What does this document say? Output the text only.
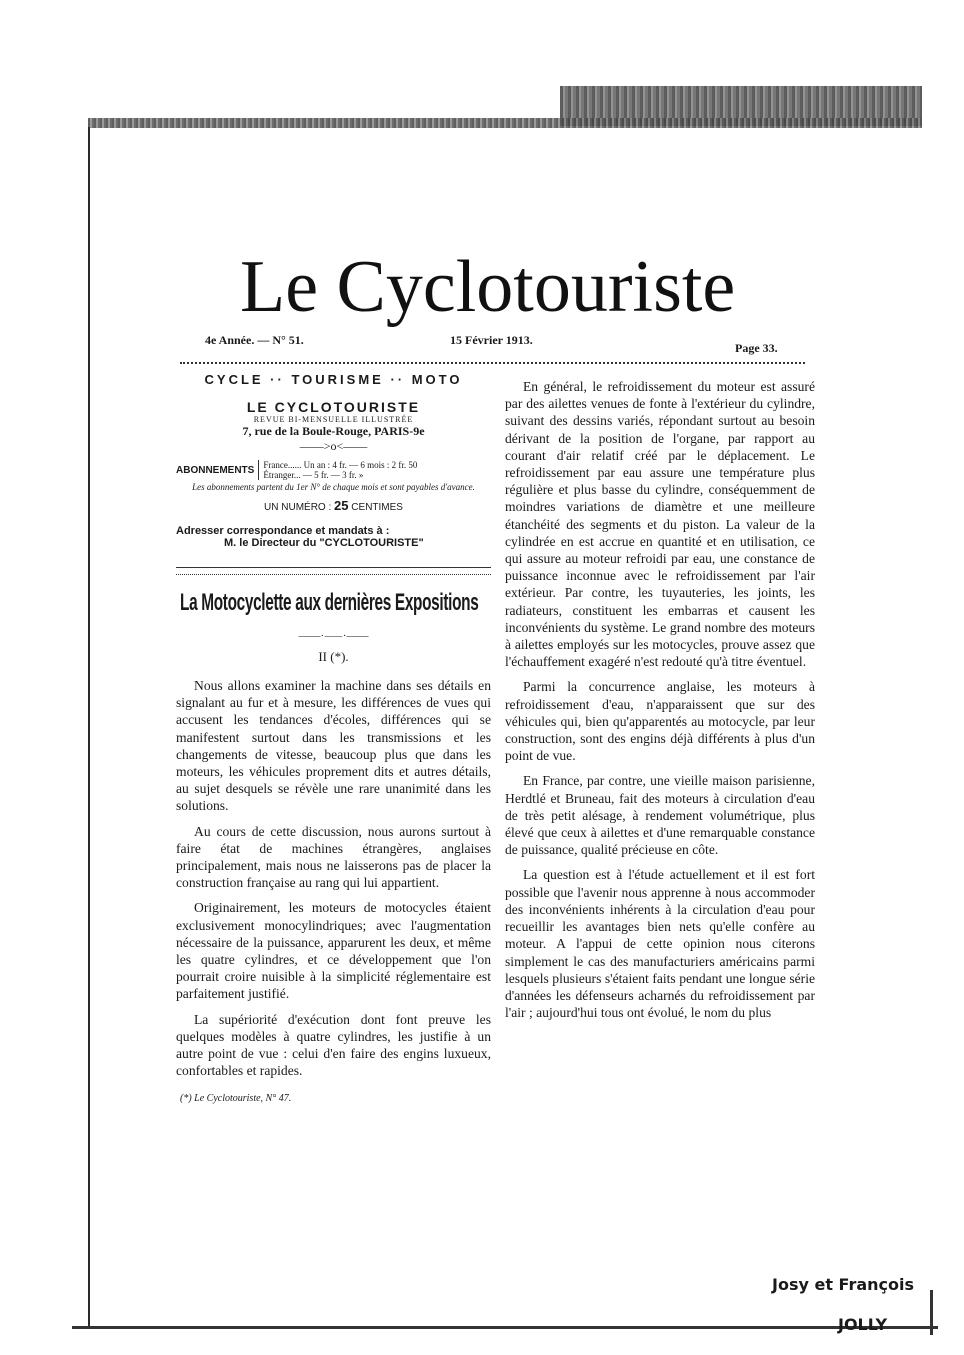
Le Cyclotouriste
4e Année. — N° 51.	15 Février 1913.
Page 33.
CYCLE ·· TOURISME ·· MOTO
LE CYCLOTOURISTE
REVUE BI-MENSUELLE ILLUSTRÉE
7, rue de la Boule-Rouge, PARIS-9e
——>o<——
ABONNEMENTS France...... Un an : 4 fr. — 6 mois : 2 fr. 50
Étranger... — 5 fr. — 3 fr. »
Les abonnements partent du 1er N° de chaque mois et sont payables d'avance.
UN NUMÉRO : 25 CENTIMES
Adresser correspondance et mandats à :
M. le Directeur du "CYCLOTOURISTE"
La Motocyclette aux dernières Expositions
——·⸺·——
II (*).

Nous allons examiner la machine dans ses détails en signalant au fur et à mesure, les différences de vues qui accusent les tendances d'écoles, différences qui se manifestent surtout dans les transmissions et les changements de vitesse, beaucoup plus que dans les moteurs, les véhicules proprement dits et autres détails, au sujet desquels se révèle une rare unanimité dans les solutions.

Au cours de cette discussion, nous aurons surtout à faire état de machines étrangères, anglaises principalement, mais nous ne laisserons pas de placer la construction française au rang qui lui appartient.

Originairement, les moteurs de motocycles étaient exclusivement monocylindriques; avec l'augmentation nécessaire de la puissance, apparurent les deux, et même les quatre cylindres, et ce développement que l'on pourrait croire nuisible à la simplicité réglementaire est parfaitement justifié.

La supériorité d'exécution dont font preuve les quelques modèles à quatre cylindres, les justifie à un autre point de vue : celui d'en faire des engins luxueux, confortables et rapides.

(*) Le Cyclotouriste, N° 47.

En général, le refroidissement du moteur est assuré par des ailettes venues de fonte à l'extérieur du cylindre, suivant des dessins variés, répondant surtout au besoin dérivant de la position de l'organe, par rapport au courant d'air relatif créé par le déplacement. Le refroidissement par eau assure une température plus régulière et plus basse du cylindre, conséquemment de moindres variations de diamètre et une meilleure étanchéité des segments et du piston. La valeur de la cylindrée en est accrue en quantité et en utilisation, ce qui assure au moteur refroidi par eau, une constance de puissance inconnue avec le refroidissement par l'air extérieur. Par contre, les tuyauteries, les joints, les radiateurs, constituent les embarras et causent les inconvénients du système. Le grand nombre des moteurs à ailettes employés sur les motocycles, prouve assez que l'échauffement exagéré n'est redouté qu'à titre éventuel.

Parmi la concurrence anglaise, les moteurs à refroidissement d'eau, n'apparaissent que sur des véhicules qui, bien qu'apparentés au motocycle, par leur construction, sont des engins déjà différents à plus d'un point de vue.

En France, par contre, une vieille maison parisienne, Herdtlé et Bruneau, fait des moteurs à circulation d'eau de très petit alésage, à rendement volumétrique, plus élevé que ceux à ailettes et d'une remarquable constance de puissance, qualité précieuse en côte.

La question est à l'étude actuellement et il est fort possible que l'avenir nous apprenne à nous accommoder des inconvénients inhérents à la circulation d'eau pour recueillir les avantages bien nets qu'elle confère au moteur. A l'appui de cette opinion nous citerons simplement le cas des manufacturiers américains parmi lesquels plusieurs s'étaient faits pendant une longue série d'années les défenseurs acharnés du refroidissement par l'air ; aujourd'hui tous ont évolué, le nom du plus

Josy et François
JOLLY
